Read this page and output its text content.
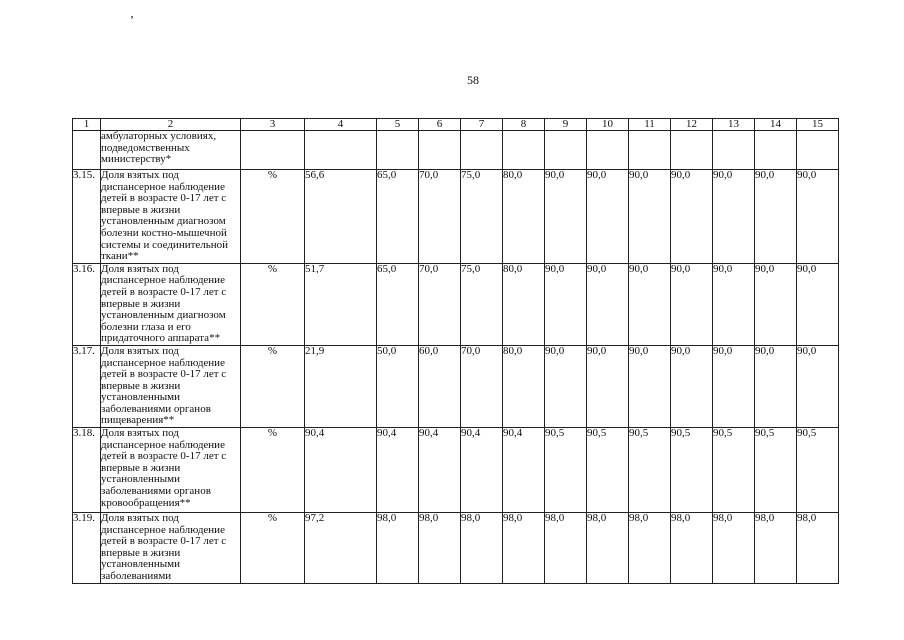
ʼ
58
1	2	3	4	5	6	7	8	9	10	11	12	13	14	15
	амбулаторных условиях, подведомственных министерству*													
3.15.	Доля взятых под диспансерное наблюдение детей в возрасте 0-17 лет с впервые в жизни установленным диагнозом болезни костно-мышечной системы и соединительной ткани**	%	56,6	65,0	70,0	75,0	80,0	90,0	90,0	90,0	90,0	90,0	90,0	90,0
3.16.	Доля взятых под диспансерное наблюдение детей в возрасте 0-17 лет с впервые в жизни установленным диагнозом болезни глаза и его придаточного аппарата**	%	51,7	65,0	70,0	75,0	80,0	90,0	90,0	90,0	90,0	90,0	90,0	90,0
3.17.	Доля взятых под диспансерное наблюдение детей в возрасте 0-17 лет с впервые в жизни установленными заболеваниями органов пищеварения**	%	21,9	50,0	60,0	70,0	80,0	90,0	90,0	90,0	90,0	90,0	90,0	90,0
3.18.	Доля взятых под диспансерное наблюдение детей в возрасте 0-17 лет с впервые в жизни установленными заболеваниями органов кровообращения**	%	90,4	90,4	90,4	90,4	90,4	90,5	90,5	90,5	90,5	90,5	90,5	90,5
3.19.	Доля взятых под диспансерное наблюдение детей в возрасте 0-17 лет с впервые в жизни установленными заболеваниями	%	97,2	98,0	98,0	98,0	98,0	98,0	98,0	98,0	98,0	98,0	98,0	98,0
